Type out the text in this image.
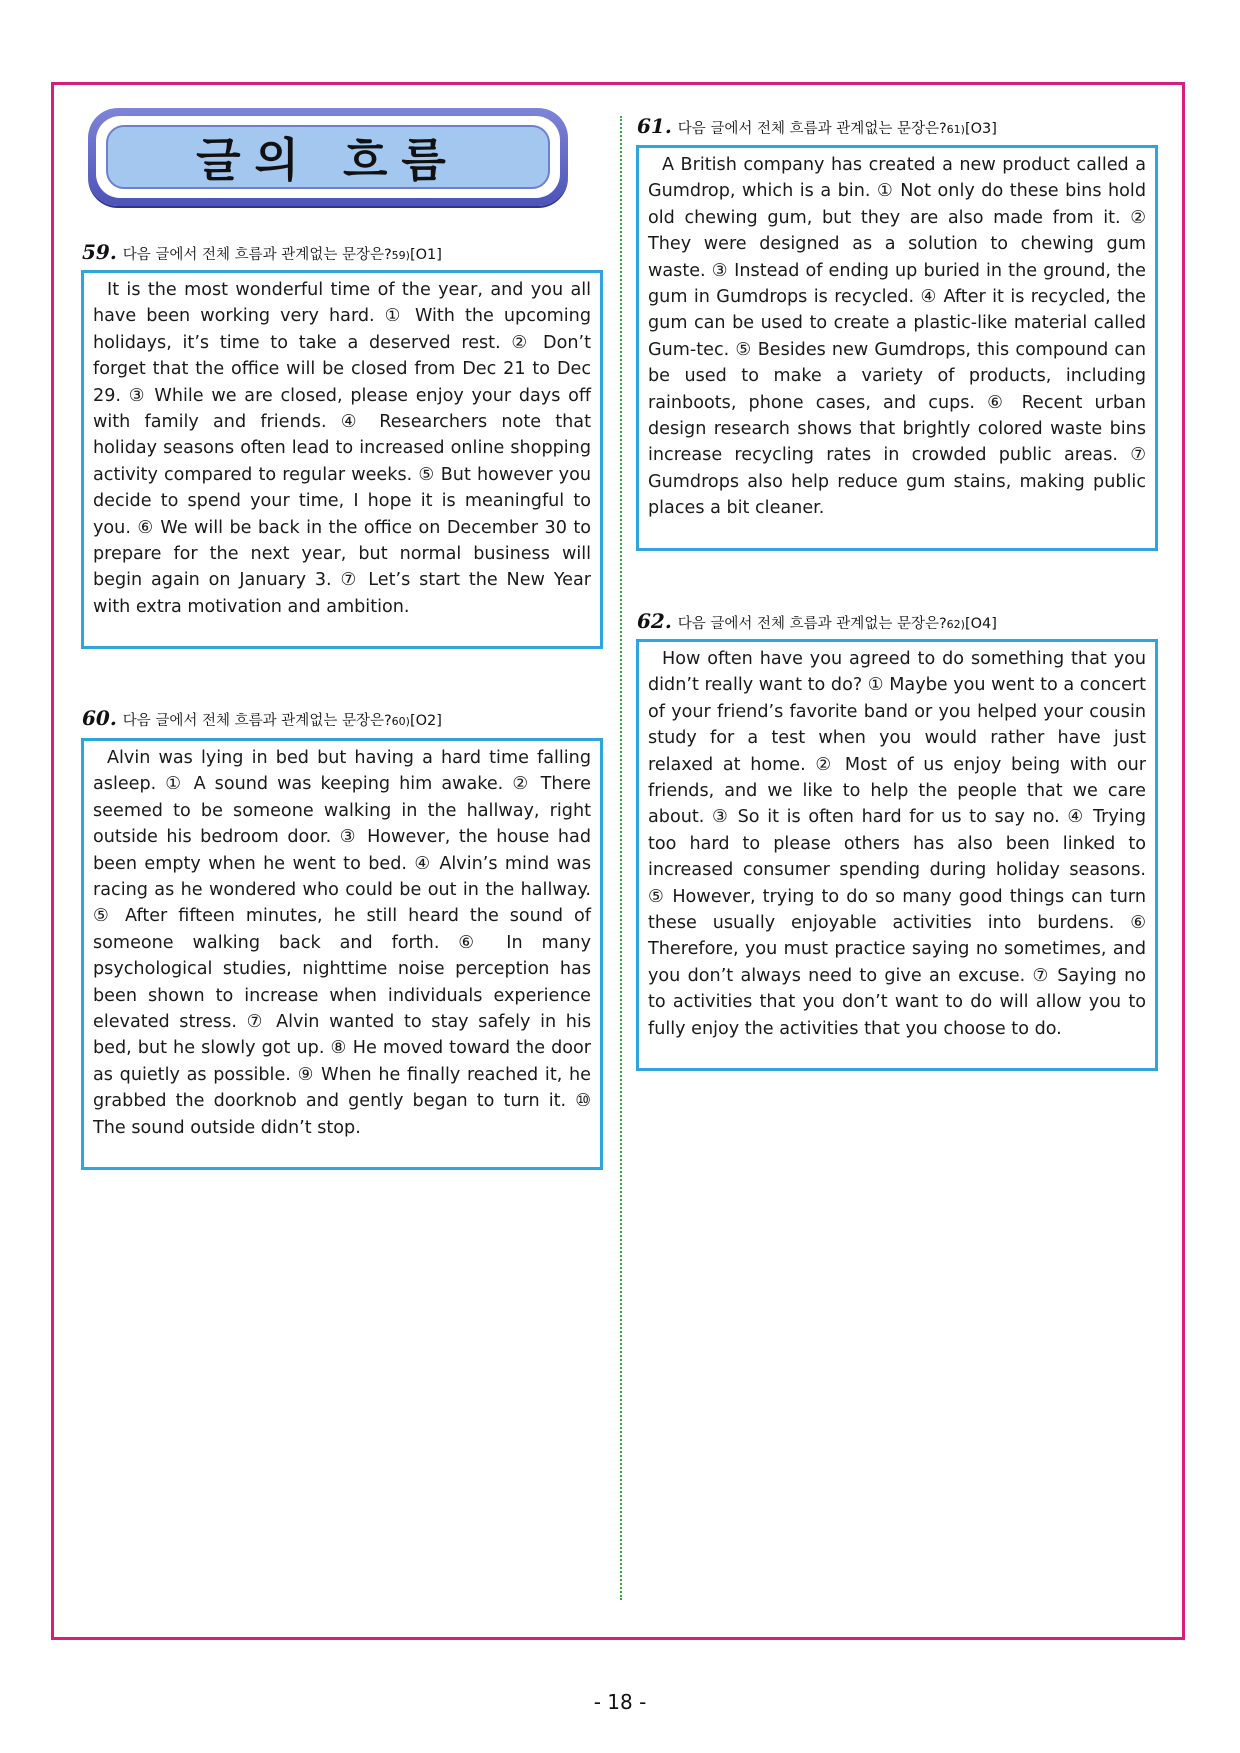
글의 흐름
59. 다음 글에서 전체 흐름과 관계없는 문장은? 59) [O1]

It is the most wonderful time of the year, and you all have been working very hard. ① With the upcoming holidays, it’s time to take a deserved rest. ② Don’t forget that the office will be closed from Dec 21 to Dec 29. ③ While we are closed, please enjoy your days off with family and friends. ④ Researchers note that holiday seasons often lead to increased online shopping activity compared to regular weeks. ⑤ But however you decide to spend your time, I hope it is meaningful to you. ⑥ We will be back in the office on December 30 to prepare for the next year, but normal business will begin again on January 3. ⑦ Let’s start the New Year with extra motivation and ambition.

60. 다음 글에서 전체 흐름과 관계없는 문장은? 60) [O2]

Alvin was lying in bed but having a hard time falling asleep. ① A sound was keeping him awake. ② There seemed to be someone walking in the hallway, right outside his bedroom door. ③ However, the house had been empty when he went to bed. ④ Alvin’s mind was racing as he wondered who could be out in the hallway. ⑤ After fifteen minutes, he still heard the sound of someone walking back and forth. ⑥ In many psychological studies, nighttime noise perception has been shown to increase when individuals experience elevated stress. ⑦ Alvin wanted to stay safely in his bed, but he slowly got up. ⑧ He moved toward the door as quietly as possible. ⑨ When he finally reached it, he grabbed the doorknob and gently began to turn it. ⑩ The sound outside didn’t stop.

61. 다음 글에서 전체 흐름과 관계없는 문장은? 61) [O3]

A British company has created a new product called a Gumdrop, which is a bin. ① Not only do these bins hold old chewing gum, but they are also made from it. ② They were designed as a solution to chewing gum waste. ③ Instead of ending up buried in the ground, the gum in Gumdrops is recycled. ④ After it is recycled, the gum can be used to create a plastic-like material called Gum-tec. ⑤ Besides new Gumdrops, this compound can be used to make a variety of products, including rainboots, phone cases, and cups. ⑥ Recent urban design research shows that brightly colored waste bins increase recycling rates in crowded public areas. ⑦ Gumdrops also help reduce gum stains, making public places a bit cleaner.

62. 다음 글에서 전체 흐름과 관계없는 문장은? 62) [O4]

How often have you agreed to do something that you didn’t really want to do? ① Maybe you went to a concert of your friend’s favorite band or you helped your cousin study for a test when you would rather have just relaxed at home. ② Most of us enjoy being with our friends, and we like to help the people that we care about. ③ So it is often hard for us to say no. ④ Trying too hard to please others has also been linked to increased consumer spending during holiday seasons. ⑤ However, trying to do so many good things can turn these usually enjoyable activities into burdens. ⑥ Therefore, you must practice saying no sometimes, and you don’t always need to give an excuse. ⑦ Saying no to activities that you don’t want to do will allow you to fully enjoy the activities that you choose to do.

- 18 -
